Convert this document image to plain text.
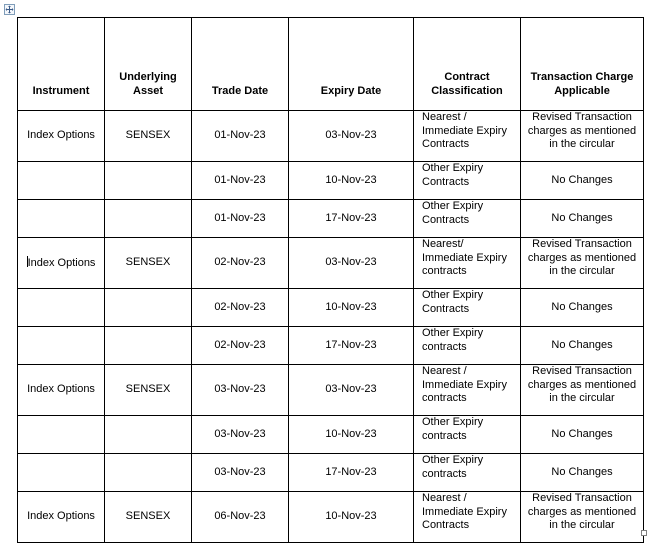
Instrument	Underlying Asset	Trade Date	Expiry Date	Contract Classification	Transaction Charge Applicable
Index Options	SENSEX	01-Nov-23	03-Nov-23	Nearest / Immediate Expiry Contracts	Revised Transaction charges as mentioned in the circular
		01-Nov-23	10-Nov-23	Other Expiry Contracts	No Changes
		01-Nov-23	17-Nov-23	Other Expiry Contracts	No Changes
Index Options	SENSEX	02-Nov-23	03-Nov-23	Nearest/ Immediate Expiry contracts	Revised Transaction charges as mentioned in the circular
		02-Nov-23	10-Nov-23	Other Expiry Contracts	No Changes
		02-Nov-23	17-Nov-23	Other Expiry contracts	No Changes
Index Options	SENSEX	03-Nov-23	03-Nov-23	Nearest / Immediate Expiry contracts	Revised Transaction charges as mentioned in the circular
		03-Nov-23	10-Nov-23	Other Expiry contracts	No Changes
		03-Nov-23	17-Nov-23	Other Expiry contracts	No Changes
Index Options	SENSEX	06-Nov-23	10-Nov-23	Nearest / Immediate Expiry Contracts	Revised Transaction charges as mentioned in the circular
